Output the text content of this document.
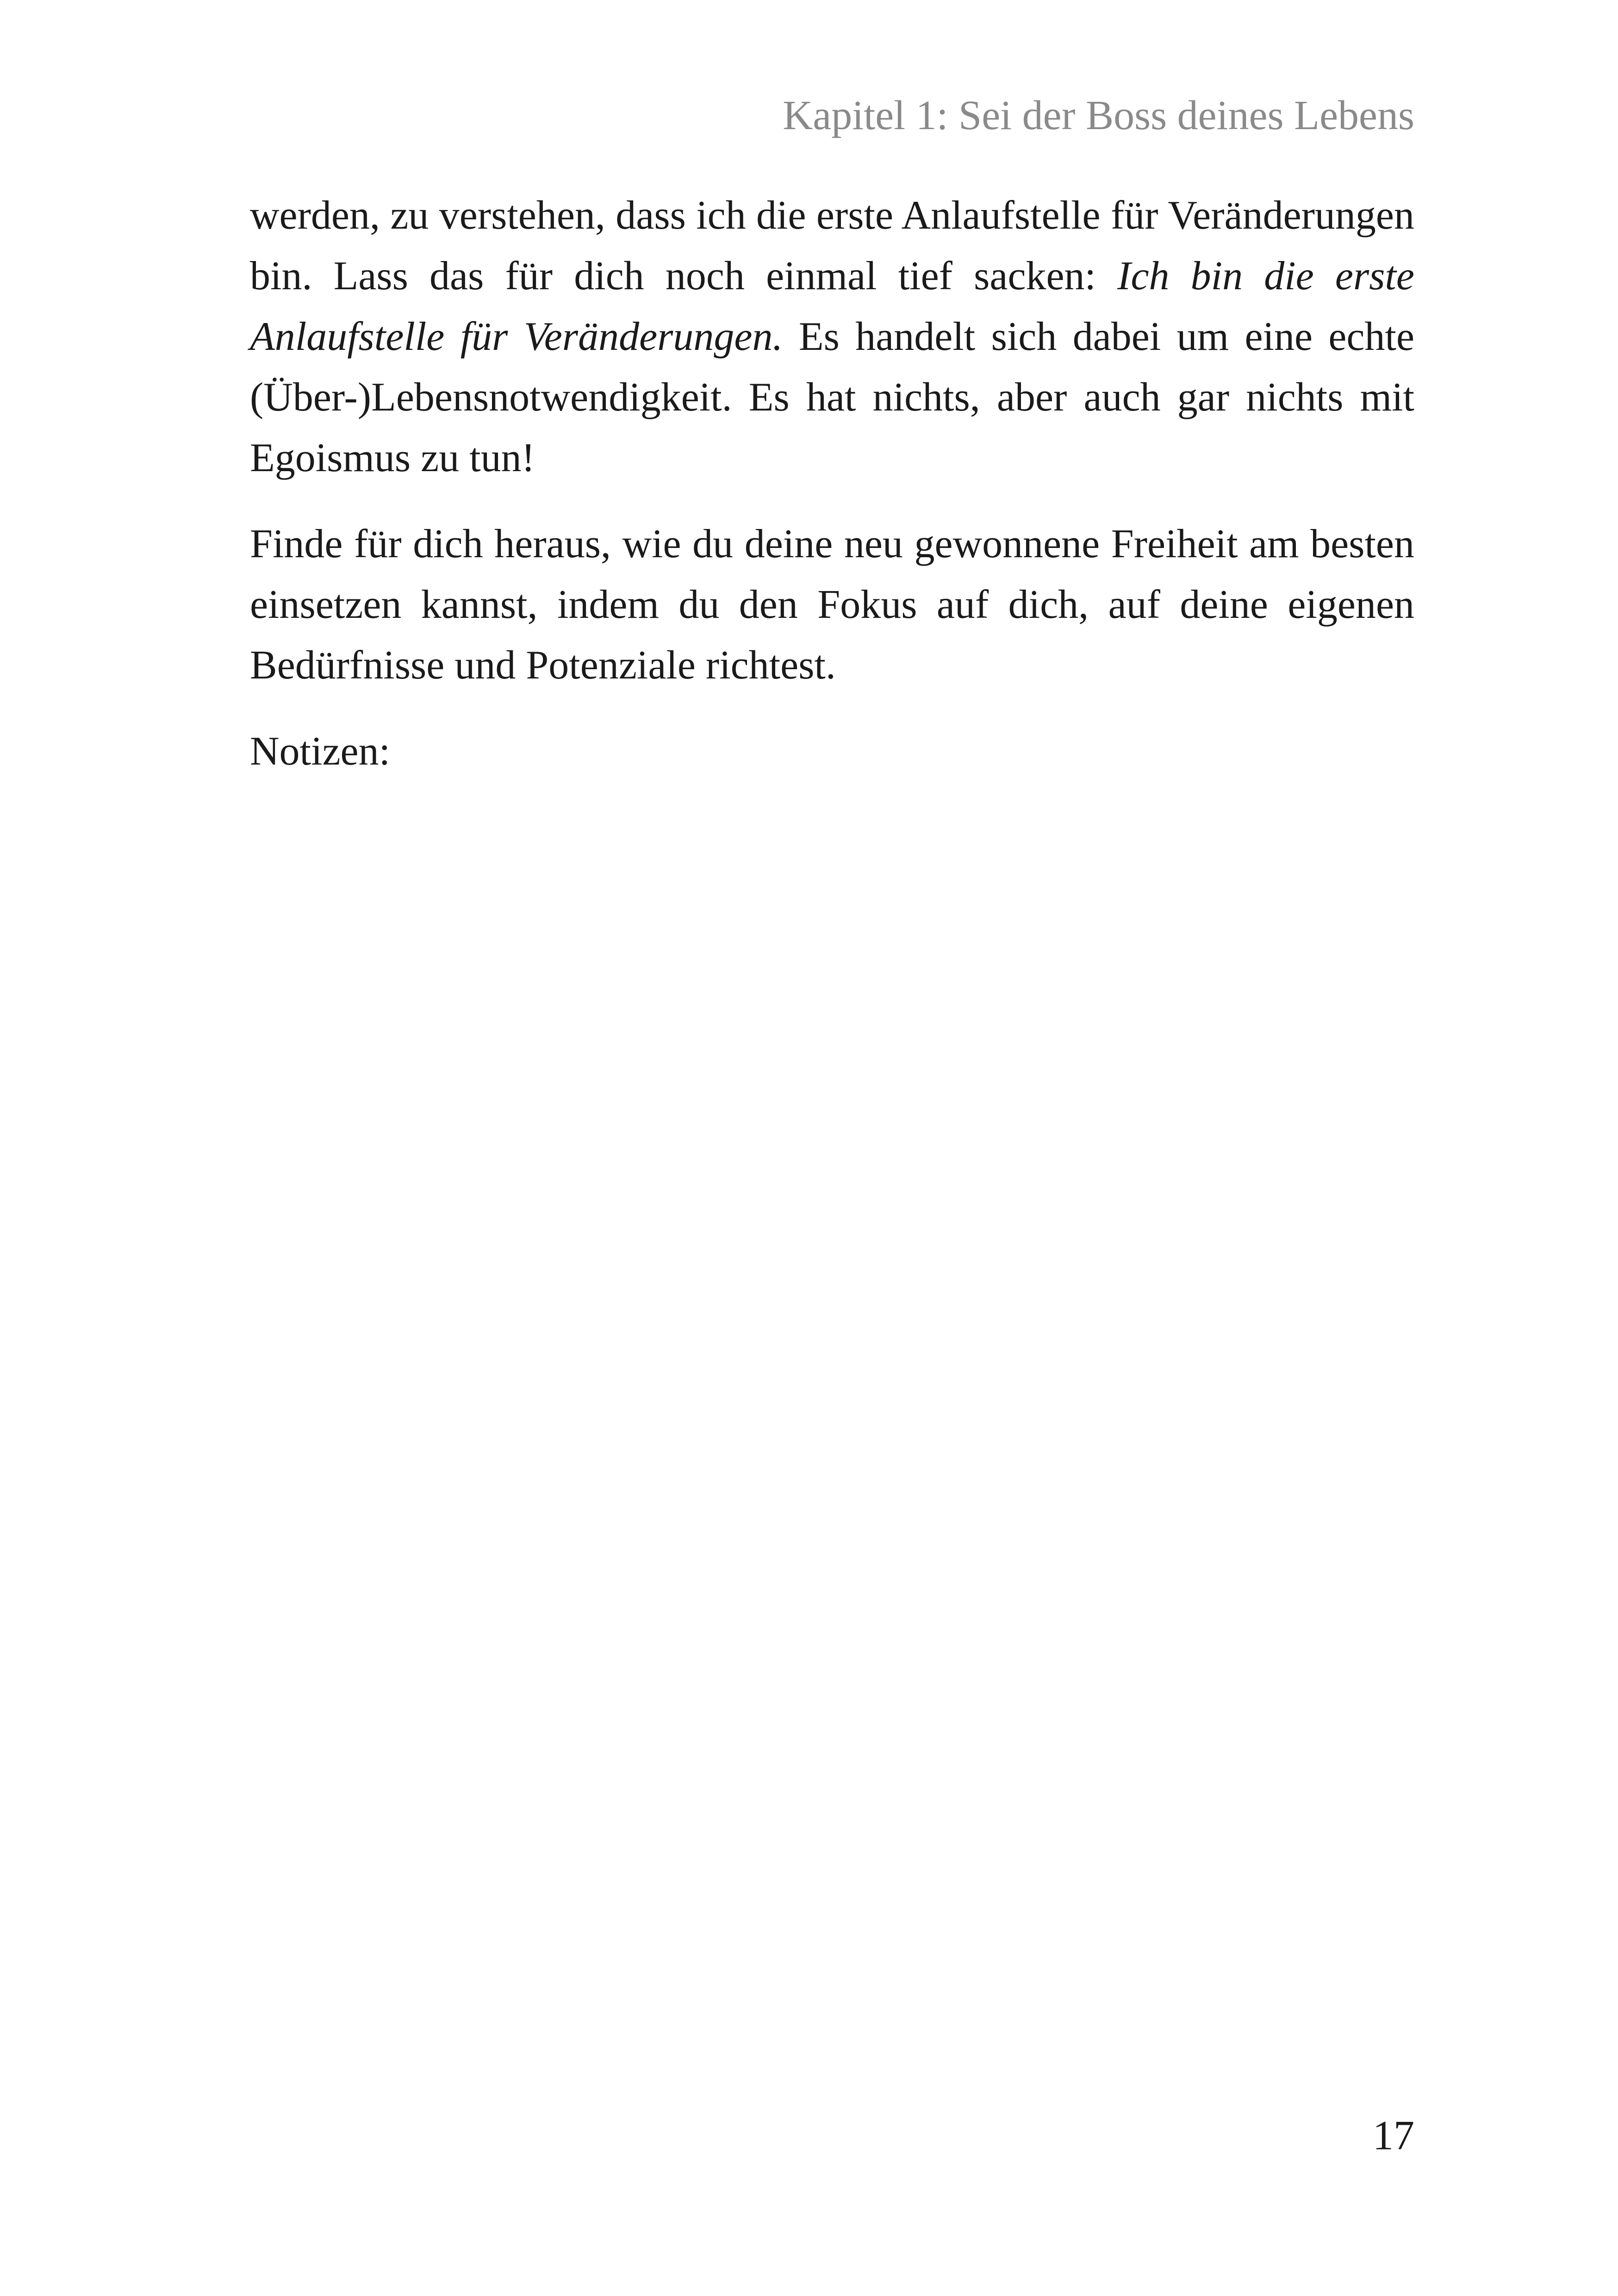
Kapitel 1: Sei der Boss deines Lebens

werden, zu verstehen, dass ich die erste Anlaufstelle für Veränderungen bin. Lass das für dich noch einmal tief sacken: Ich bin die erste Anlaufstelle für Veränderungen. Es handelt sich dabei um eine echte (Über-)Lebensnotwendigkeit. Es hat nichts, aber auch gar nichts mit Egoismus zu tun!

Finde für dich heraus, wie du deine neu gewonnene Freiheit am besten einsetzen kannst, indem du den Fokus auf dich, auf deine eigenen Bedürfnisse und Potenziale richtest.

Notizen:

17
